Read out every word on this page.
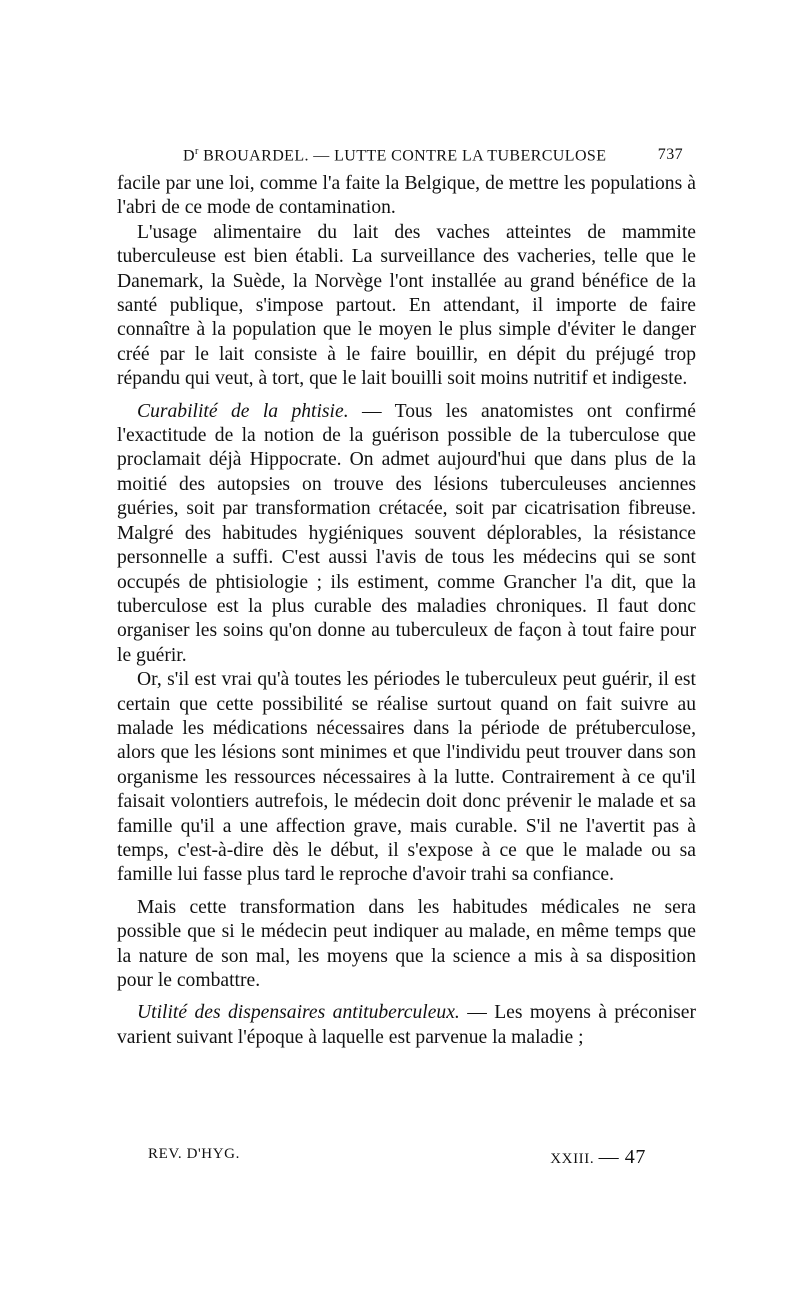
$D^r$ BROUARDEL. — LUTTE CONTRE LA TUBERCULOSE	737

facile par une loi, comme l'a faite la Belgique, de mettre les populations à l'abri de ce mode de contamination.

L'usage alimentaire du lait des vaches atteintes de mammite tuberculeuse est bien établi. La surveillance des vacheries, telle que le Danemark, la Suède, la Norvège l'ont installée au grand bénéfice de la santé publique, s'impose partout. En attendant, il importe de faire connaître à la population que le moyen le plus simple d'éviter le danger créé par le lait consiste à le faire bouillir, en dépit du préjugé trop répandu qui veut, à tort, que le lait bouilli soit moins nutritif et indigeste.

Curabilité de la phtisie. — Tous les anatomistes ont confirmé l'exactitude de la notion de la guérison possible de la tuberculose que proclamait déjà Hippocrate. On admet aujourd'hui que dans plus de la moitié des autopsies on trouve des lésions tuberculeuses anciennes guéries, soit par transformation crétacée, soit par cicatrisation fibreuse. Malgré des habitudes hygiéniques souvent déplorables, la résistance personnelle a suffi. C'est aussi l'avis de tous les médecins qui se sont occupés de phtisiologie ; ils estiment, comme Grancher l'a dit, que la tuberculose est la plus curable des maladies chroniques. Il faut donc organiser les soins qu'on donne au tuberculeux de façon à tout faire pour le guérir.

Or, s'il est vrai qu'à toutes les périodes le tuberculeux peut guérir, il est certain que cette possibilité se réalise surtout quand on fait suivre au malade les médications nécessaires dans la période de prétuberculose, alors que les lésions sont minimes et que l'individu peut trouver dans son organisme les ressources nécessaires à la lutte. Contrairement à ce qu'il faisait volontiers autrefois, le médecin doit donc prévenir le malade et sa famille qu'il a une affection grave, mais curable. S'il ne l'avertit pas à temps, c'est-à-dire dès le début, il s'expose à ce que le malade ou sa famille lui fasse plus tard le reproche d'avoir trahi sa confiance.

Mais cette transformation dans les habitudes médicales ne sera possible que si le médecin peut indiquer au malade, en même temps que la nature de son mal, les moyens que la science a mis à sa disposition pour le combattre.

Utilité des dispensaires antituberculeux. — Les moyens à préconiser varient suivant l'époque à laquelle est parvenue la maladie ;

REV. D'HYG.	XXIII. — 47
